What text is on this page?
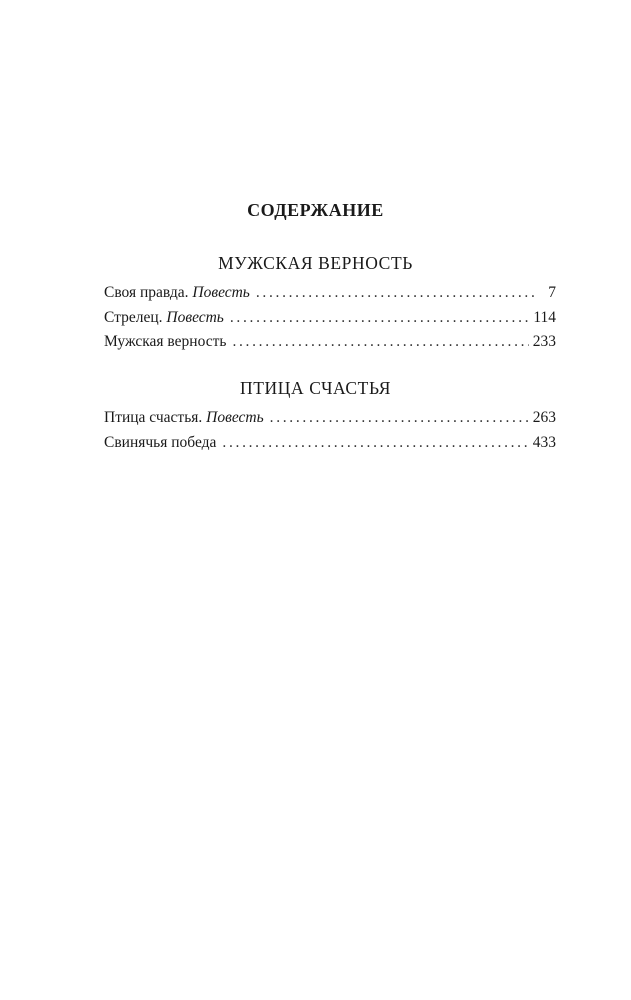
СОДЕРЖАНИЕ
МУЖСКАЯ ВЕРНОСТЬ
Своя правда. Повесть . . .	7
Стрелец. Повесть . . .	114
Мужская верность . . .	233
ПТИЦА СЧАСТЬЯ
Птица счастья. Повесть . . .	263
Свинячья победа . . .	433
